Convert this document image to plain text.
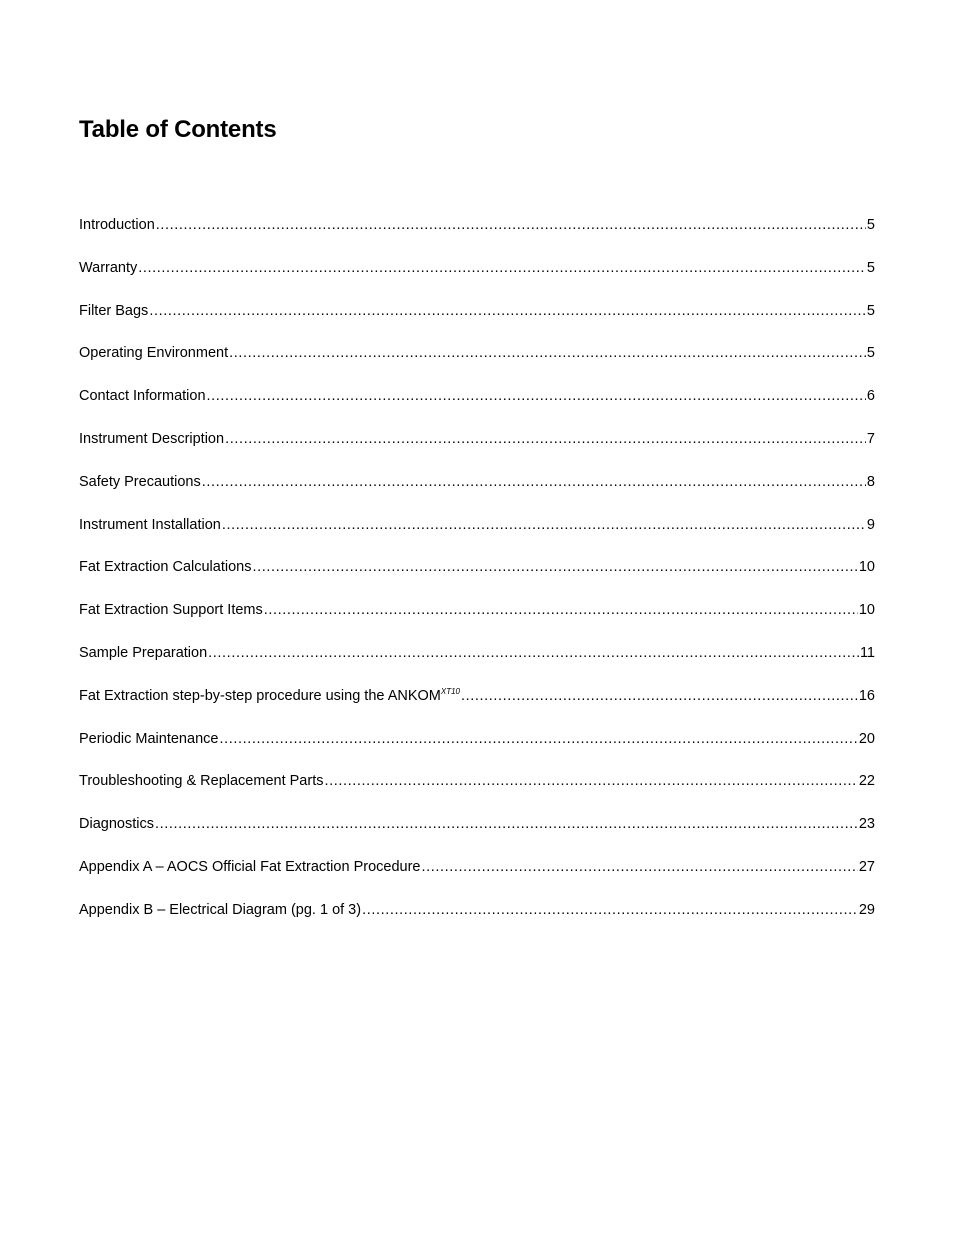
Table of Contents
Introduction .....	5
Warranty .....	5
Filter Bags .....	5
Operating Environment .....	5
Contact Information .....	6
Instrument Description .....	7
Safety Precautions .....	8
Instrument Installation .....	9
Fat Extraction Calculations .....	10
Fat Extraction Support Items .....	10
Sample Preparation .....	11
Fat Extraction step-by-step procedure using the $ANKOM^{XT10}$ .....	16
Periodic Maintenance .....	20
Troubleshooting & Replacement Parts .....	22
Diagnostics .....	23
Appendix A – AOCS Official Fat Extraction Procedure .....	27
Appendix B – Electrical Diagram (pg. 1 of 3) .....	29
